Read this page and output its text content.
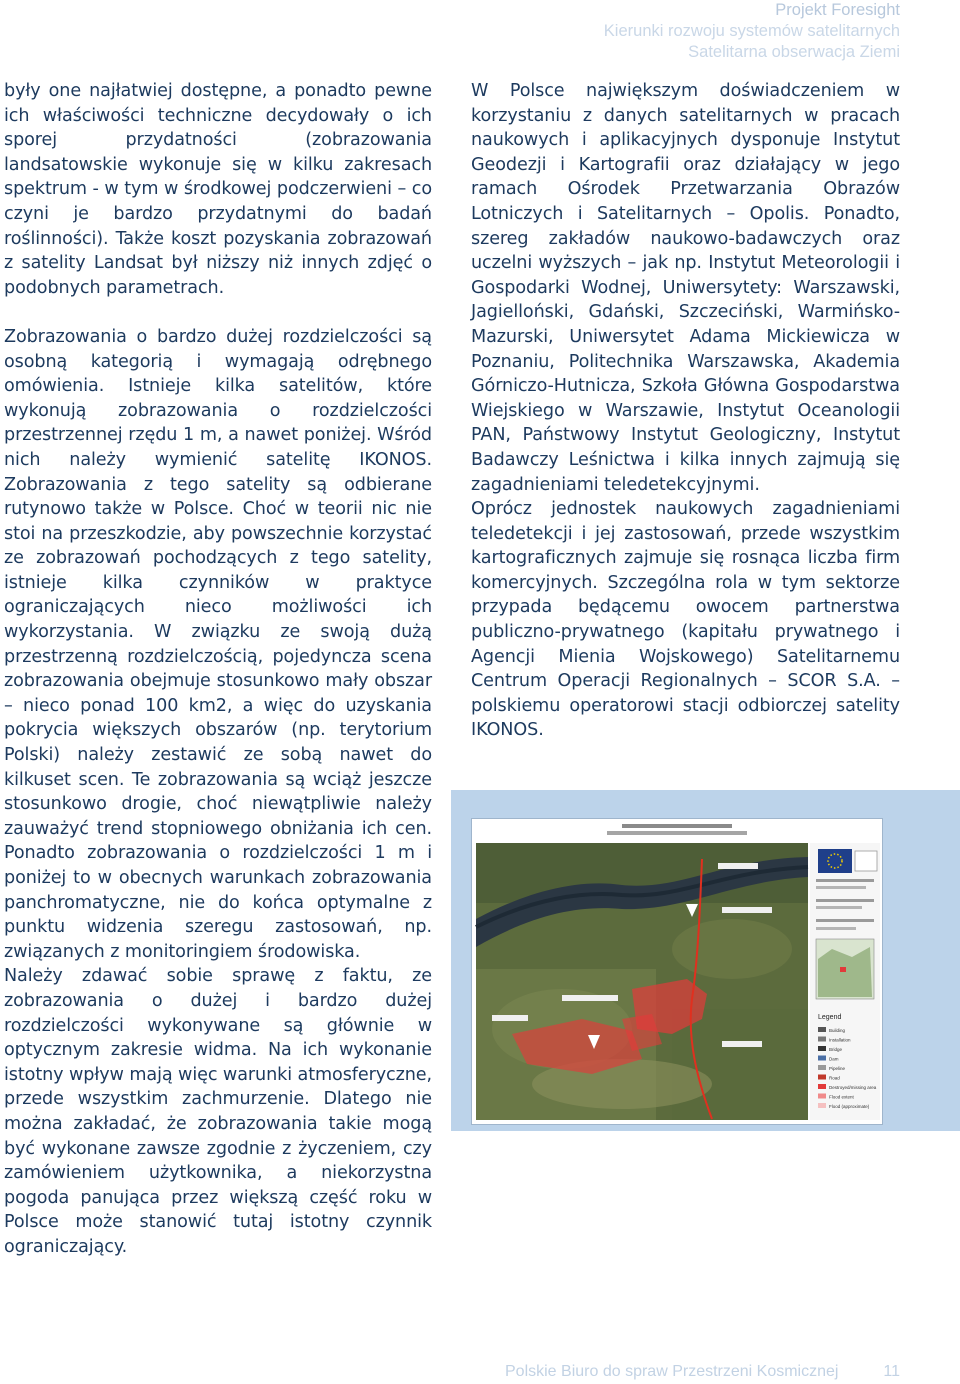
Projekt Foresight
Kierunki rozwoju systemów satelitarnych
Satelitarna obserwacja Ziemi

były one najłatwiej dostępne, a ponadto pewne ich właściwości techniczne decydowały o ich sporej przydatności (zobrazowania landsatowskie wykonuje się w kilku zakresach spektrum - w tym w środkowej podczerwieni – co czyni je bardzo przydatnymi do badań roślinności). Także koszt pozyskania zobrazowań z satelity Landsat był niższy niż innych zdjęć o podobnych parametrach.

Zobrazowania o bardzo dużej rozdzielczości są osobną kategorią i wymagają odrębnego omówienia. Istnieje kilka satelitów, które wykonują zobrazowania o rozdzielczości przestrzennej rzędu 1 m, a nawet poniżej. Wśród nich należy wymienić satelitę IKONOS. Zobrazowania z tego satelity są odbierane rutynowo także w Polsce. Choć w teorii nic nie stoi na przeszkodzie, aby powszechnie korzystać ze zobrazowań pochodzących z tego satelity, istnieje kilka czynników w praktyce ograniczających nieco możliwości ich wykorzystania. W związku ze swoją dużą przestrzenną rozdzielczością, pojedyncza scena zobrazowania obejmuje stosunkowo mały obszar – nieco ponad 100 km2, a więc do uzyskania pokrycia większych obszarów (np. terytorium Polski) należy zestawić ze sobą nawet do kilkuset scen. Te zobrazowania są wciąż jeszcze stosunkowo drogie, choć niewątpliwie należy zauważyć trend stopniowego obniżania ich cen. Ponadto zobrazowania o rozdzielczości 1 m i poniżej to w obecnych warunkach zobrazowania panchromatyczne, nie do końca optymalne z punktu widzenia szeregu zastosowań, np. związanych z monitoringiem środowiska.

Należy zdawać sobie sprawę z faktu, ze zobrazowania o dużej i bardzo dużej rozdzielczości wykonywane są głównie w optycznym zakresie widma. Na ich wykonanie istotny wpływ mają więc warunki atmosferyczne, przede wszystkim zachmurzenie. Dlatego nie można zakładać, że zobrazowania takie mogą być wykonane zawsze zgodnie z życzeniem, czy zamówieniem użytkownika, a niekorzystna pogoda panująca przez większą część roku w Polsce może stanowić tutaj istotny czynnik ograniczający.

W Polsce największym doświadczeniem w korzystaniu z danych satelitarnych w pracach naukowych i aplikacyjnych dysponuje Instytut Geodezji i Kartografii oraz działający w jego ramach Ośrodek Przetwarzania Obrazów Lotniczych i Satelitarnych – Opolis. Ponadto, szereg zakładów naukowo-badawczych oraz uczelni wyższych – jak np. Instytut Meteorologii i Gospodarki Wodnej, Uniwersytety: Warszawski, Jagielloński, Gdański, Szczeciński, Warmińsko-Mazurski, Uniwersytet Adama Mickiewicza w Poznaniu, Politechnika Warszawska, Akademia Górniczo-Hutnicza, Szkoła Główna Gospodarstwa Wiejskiego w Warszawie, Instytut Oceanologii PAN, Państwowy Instytut Geologiczny, Instytut Badawczy Leśnictwa i kilka innych zajmują się zagadnieniami teledetekcyjnymi.

Oprócz jednostek naukowych zagadnieniami teledetekcji i jej zastosowań, przede wszystkim kartograficznych zajmuje się rosnąca liczba firm komercyjnych. Szczególna rola w tym sektorze przypada będącemu owocem partnerstwa publiczno-prywatnego (kapitału prywatnego i Agencji Mienia Wojskowego) Satelitarnemu Centrum Operacji Regionalnych – SCOR S.A. – polskiemu operatorowi stacji odbiorczej satelity IKONOS.

Legend
Building
Installation
Bridge
Dam
Pipeline
Road
Destroyed/missing area
Flood extent
Flood (approximate)
Polskie Biuro do spraw Przestrzeni Kosmicznej	11
